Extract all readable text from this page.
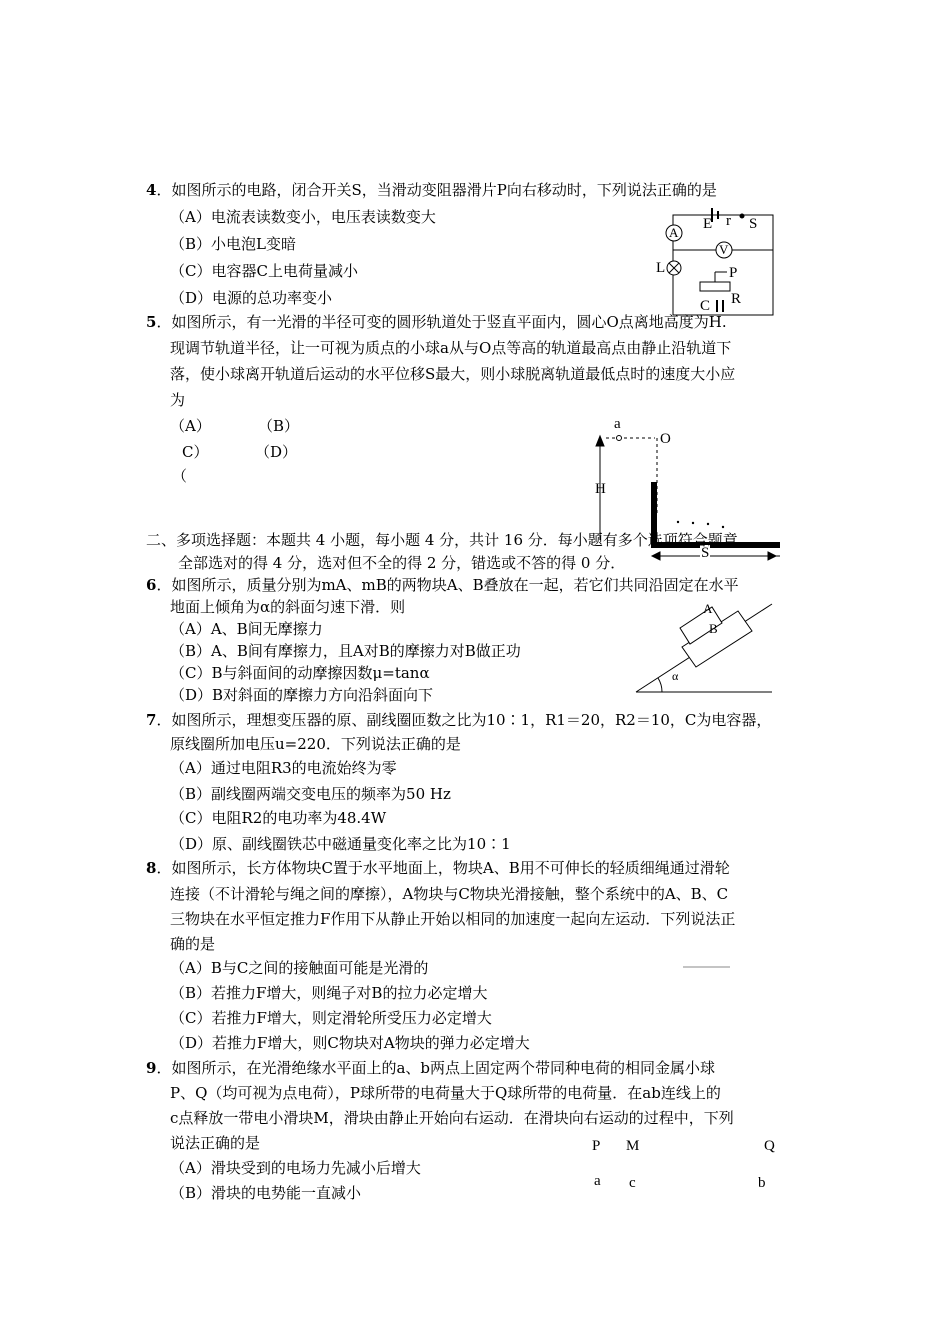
4．如图所示的电路，闭合开关S，当滑动变阻器滑片P向右移动时，下列说法正确的是
（A）电流表读数变小，电压表读数变大
（B）小电泡L变暗
（C）电容器C上电荷量减小
（D）电源的总功率变小
E r S
A
V
L	P
C R
5．如图所示，有一光滑的半径可变的圆形轨道处于竖直平面内，圆心O点离地高度为H.
现调节轨道半径，让一可视为质点的小球a从与O点等高的轨道最高点由静止沿轨道下
落，使小球离开轨道后运动的水平位移S最大，则小球脱离轨道最低点时的速度大小应
为
（A）	（B）
C）	（D）
（
a
O
H
S
二、多项选择题：本题共 4 小题，每小题 4 分，共计 16 分．每小题有多个选项符合题意．
全部选对的得 4 分，选对但不全的得 2 分，错选或不答的得 0 分．
6．如图所示，质量分别为mA、mB的两物块A、B叠放在一起，若它们共同沿固定在水平
地面上倾角为α的斜面匀速下滑．则
（A）A、B间无摩擦力
（B）A、B间有摩擦力，且A对B的摩擦力对B做正功
（C）B与斜面间的动摩擦因数μ=tanα
（D）B对斜面的摩擦力方向沿斜面向下
A
B
α
7．如图所示，理想变压器的原、副线圈匝数之比为10∶1，R1＝20，R2＝10，C为电容器，
原线圈所加电压u=220．下列说法正确的是
（A）通过电阻R3的电流始终为零
（B）副线圈两端交变电压的频率为50 Hz
（C）电阻R2的电功率为48.4W
（D）原、副线圈铁芯中磁通量变化率之比为10∶1
8．如图所示，长方体物块C置于水平地面上，物块A、B用不可伸长的轻质细绳通过滑轮
连接（不计滑轮与绳之间的摩擦），A物块与C物块光滑接触，整个系统中的A、B、C
三物块在水平恒定推力F作用下从静止开始以相同的加速度一起向左运动．下列说法正
确的是
（A）B与C之间的接触面可能是光滑的
（B）若推力F增大，则绳子对B的拉力必定增大
（C）若推力F增大，则定滑轮所受压力必定增大
（D）若推力F增大，则C物块对A物块的弹力必定增大
9．如图所示，在光滑绝缘水平面上的a、b两点上固定两个带同种电荷的相同金属小球
P、Q（均可视为点电荷），P球所带的电荷量大于Q球所带的电荷量．在ab连线上的
c点释放一带电小滑块M，滑块由静止开始向右运动．在滑块向右运动的过程中，下列
说法正确的是
（A）滑块受到的电场力先减小后增大
（B）滑块的电势能一直减小
P M	Q
a c	b
